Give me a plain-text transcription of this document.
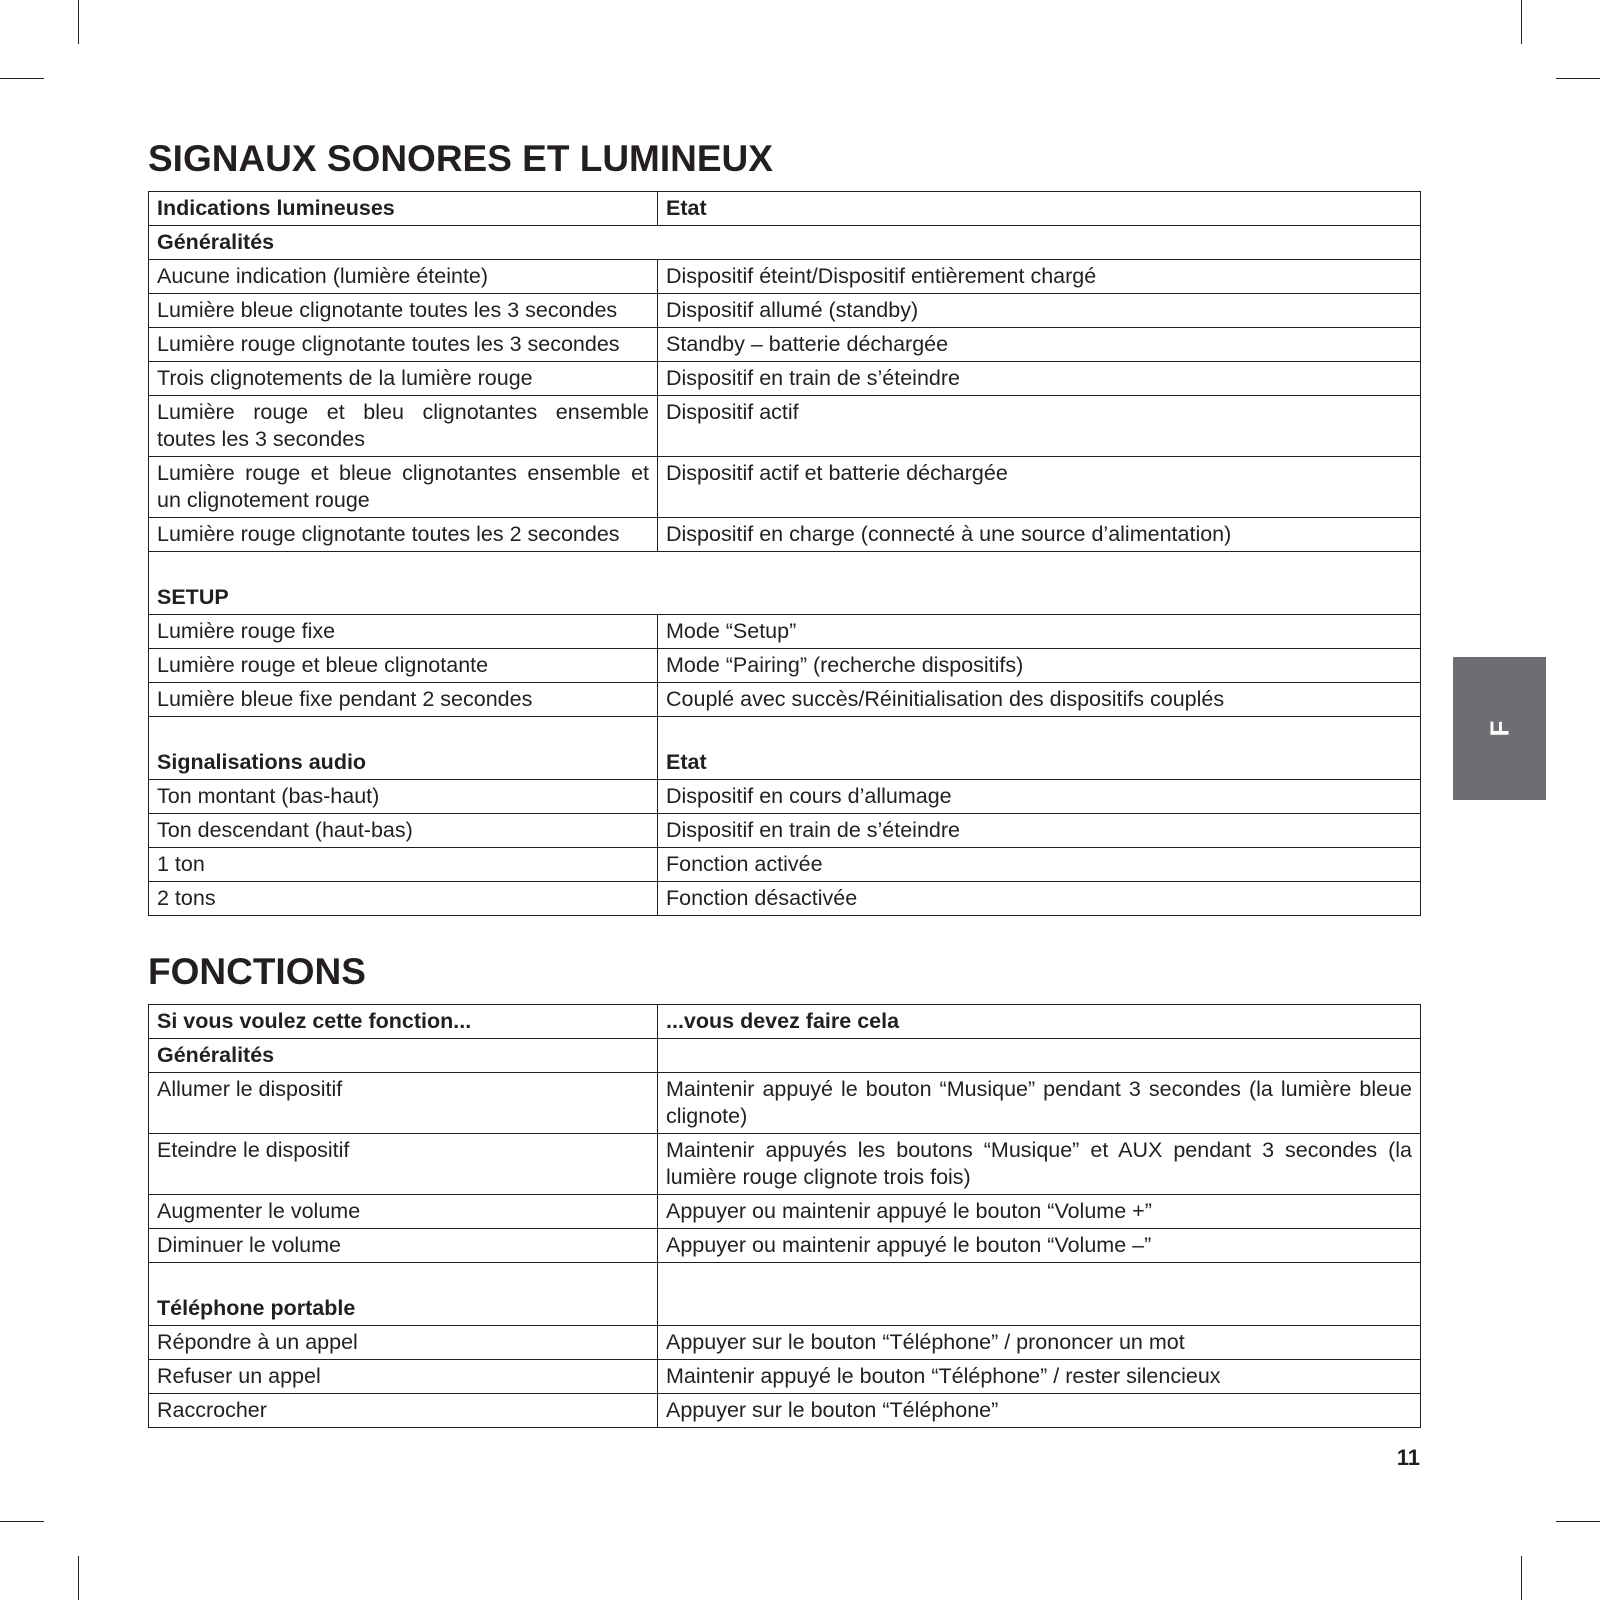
SIGNAUX SONORES ET LUMINEUX
Indications lumineuses	Etat
Généralités	
Aucune indication (lumière éteinte)	Dispositif éteint/Dispositif entièrement chargé
Lumière bleue clignotante toutes les 3 secondes	Dispositif allumé (standby)
Lumière rouge clignotante toutes les 3 secondes	Standby – batterie déchargée
Trois clignotements de la lumière rouge	Dispositif en train de s’éteindre
Lumière rouge et bleu clignotantes ensemble toutes les 3 secondes	Dispositif actif
Lumière rouge et bleue clignotantes ensemble et un clignotement rouge	Dispositif actif et batterie déchargée
Lumière rouge clignotante toutes les 2 secondes	Dispositif en charge (connecté à une source d’alimentation)
SETUP	
Lumière rouge fixe	Mode “Setup”
Lumière rouge et bleue clignotante	Mode “Pairing” (recherche dispositifs)
Lumière bleue fixe pendant 2 secondes	Couplé avec succès/Réinitialisation des dispositifs couplés
Signalisations audio	Etat
Ton montant (bas-haut)	Dispositif en cours d’allumage
Ton descendant (haut-bas)	Dispositif en train de s’éteindre
1 ton	Fonction activée
2 tons	Fonction désactivée
FONCTIONS
Si vous voulez cette fonction...	...vous devez faire cela
Généralités	
Allumer le dispositif	Maintenir appuyé le bouton “Musique” pendant 3 secondes (la lumière bleue clignote)
Eteindre le dispositif	Maintenir appuyés les boutons “Musique” et AUX pendant 3 secondes (la lumière rouge clignote trois fois)
Augmenter le volume	Appuyer ou maintenir appuyé le bouton “Volume +”
Diminuer le volume	Appuyer ou maintenir appuyé le bouton “Volume –”
Téléphone portable	
Répondre à un appel	Appuyer sur le bouton “Téléphone” / prononcer un mot
Refuser un appel	Maintenir appuyé le bouton “Téléphone” / rester silencieux
Raccrocher	Appuyer sur le bouton “Téléphone”
F
11
